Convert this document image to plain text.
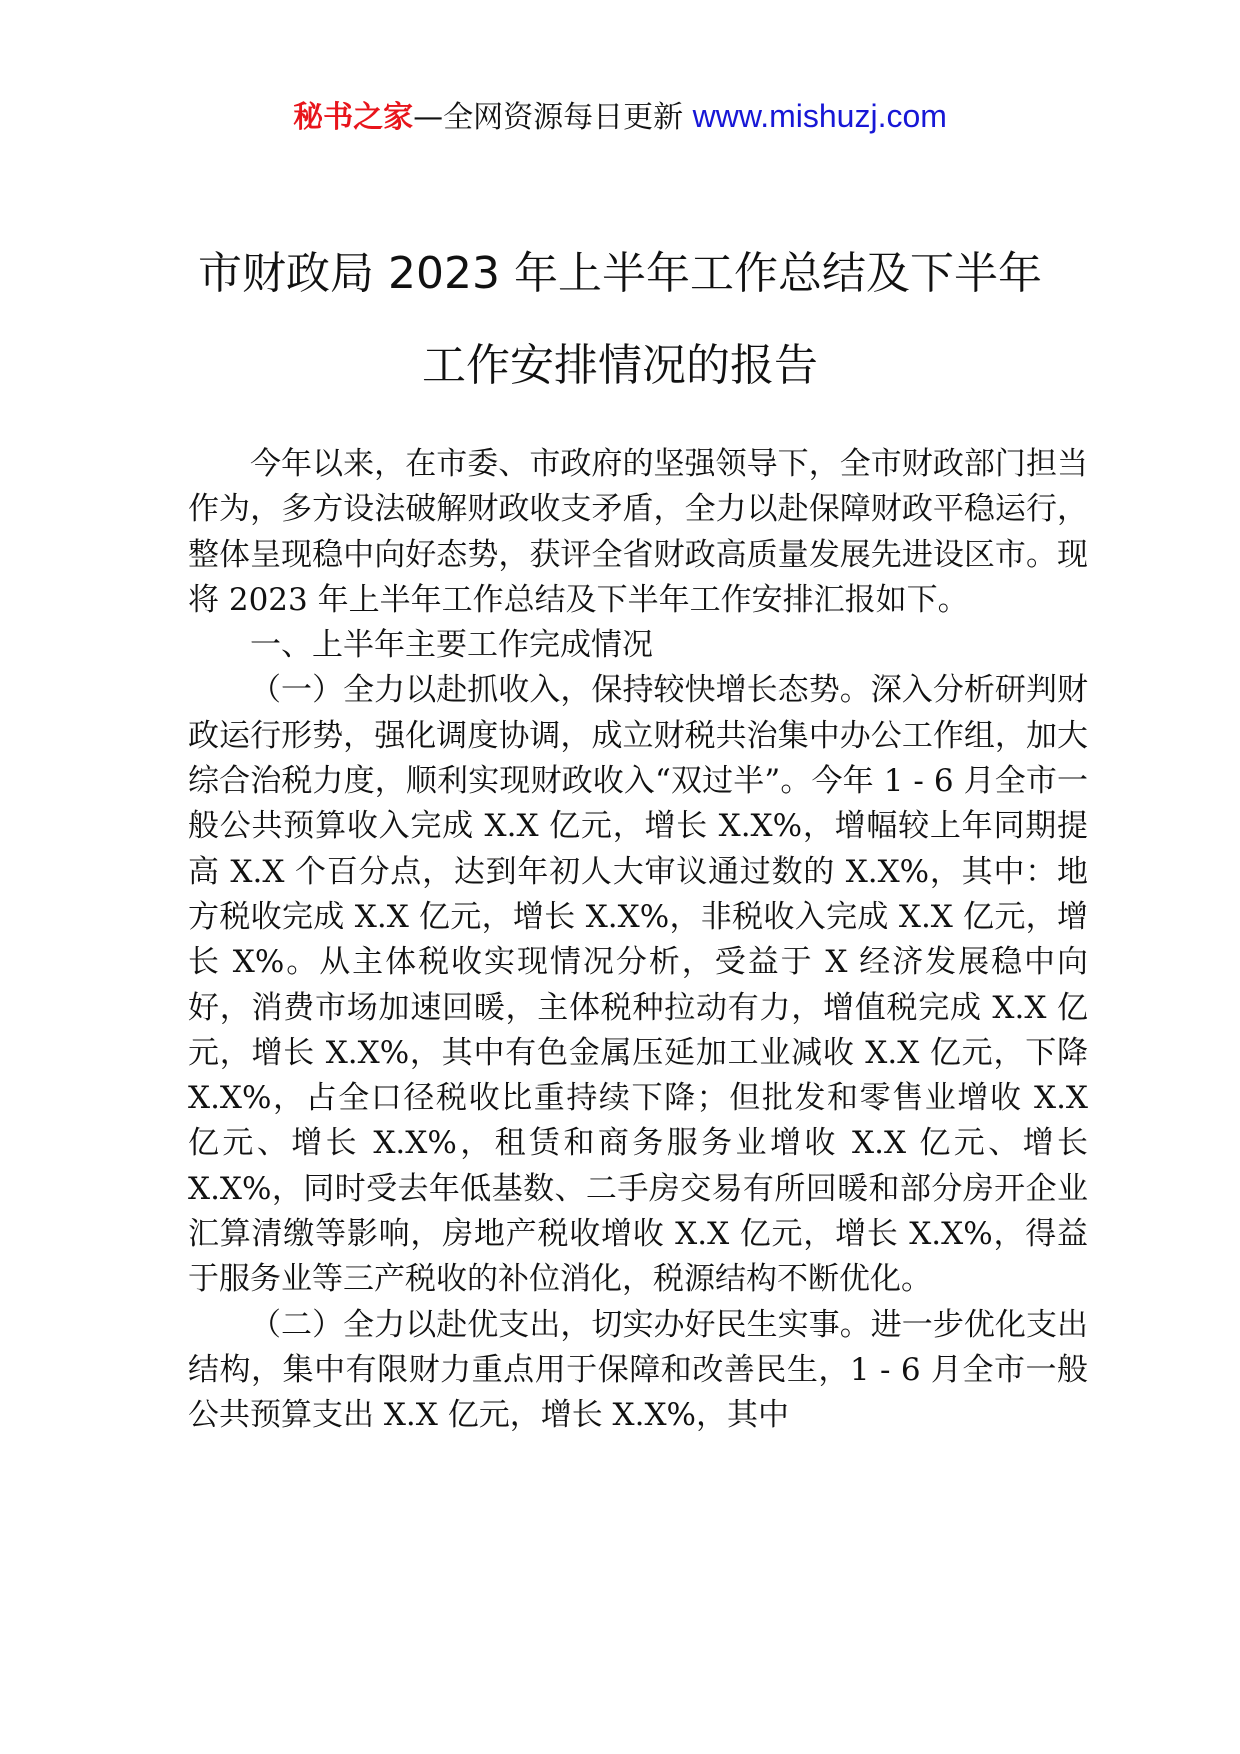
秘书之家—全网资源每日更新 www.mishuzj.com
市财政局 2023 年上半年工作总结及下半年
工作安排情况的报告

今年以来，在市委、市政府的坚强领导下，全市财政部门担当作为，多方设法破解财政收支矛盾，全力以赴保障财政平稳运行，整体呈现稳中向好态势，获评全省财政高质量发展先进设区市。现将 2023 年上半年工作总结及下半年工作安排汇报如下。

一、上半年主要工作完成情况

（一）全力以赴抓收入，保持较快增长态势。深入分析研判财政运行形势，强化调度协调，成立财税共治集中办公工作组，加大综合治税力度，顺利实现财政收入“双过半”。今年 1 - 6 月全市一般公共预算收入完成 X.X 亿元，增长 X.X%，增幅较上年同期提高 X.X 个百分点，达到年初人大审议通过数的 X.X%，其中：地方税收完成 X.X 亿元，增长 X.X%，非税收入完成 X.X 亿元，增长 X%。从主体税收实现情况分析，受益于 X 经济发展稳中向好，消费市场加速回暖，主体税种拉动有力，增值税完成 X.X 亿元，增长 X.X%，其中有色金属压延加工业减收 X.X 亿元，下降 X.X%，占全口径税收比重持续下降；但批发和零售业增收 X.X 亿元、增长 X.X%，租赁和商务服务业增收 X.X 亿元、增长 X.X%，同时受去年低基数、二手房交易有所回暖和部分房开企业汇算清缴等影响，房地产税收增收 X.X 亿元，增长 X.X%，得益于服务业等三产税收的补位消化，税源结构不断优化。

（二）全力以赴优支出，切实办好民生实事。进一步优化支出结构，集中有限财力重点用于保障和改善民生，1 - 6 月全市一般公共预算支出 X.X 亿元，增长 X.X%，其中
